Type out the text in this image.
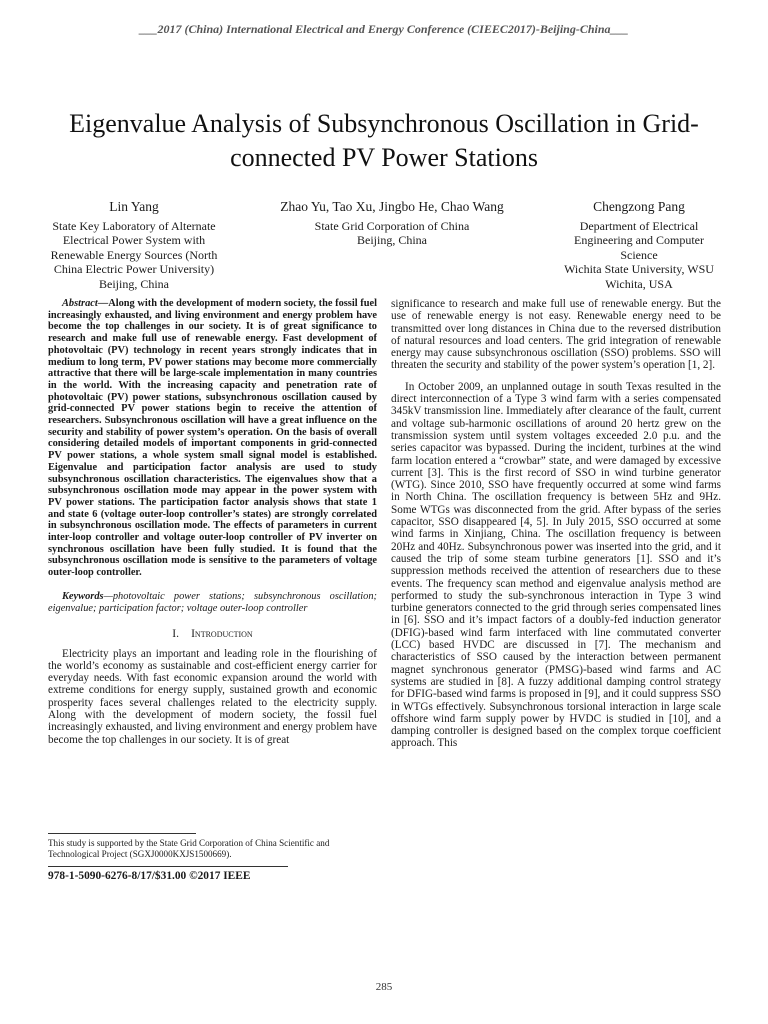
___2017 (China) International Electrical and Energy Conference (CIEEC2017)-Beijing-China___
Eigenvalue Analysis of Subsynchronous Oscillation in Grid-connected PV Power Stations
Lin Yang
State Key Laboratory of Alternate
Electrical Power System with
Renewable Energy Sources (North
China Electric Power University)
Beijing, China
Zhao Yu, Tao Xu, Jingbo He, Chao Wang
State Grid Corporation of China
Beijing, China
Chengzong Pang
Department of Electrical
Engineering and Computer
Science
Wichita State University, WSU
Wichita, USA

Abstract—Along with the development of modern society, the fossil fuel increasingly exhausted, and living environment and energy problem have become the top challenges in our society. It is of great significance to research and make full use of renewable energy. Fast development of photovoltaic (PV) technology in recent years strongly indicates that in medium to long term, PV power stations may become more commercially attractive that there will be large-scale implementation in many countries in the world. With the increasing capacity and penetration rate of photovoltaic (PV) power stations, subsynchronous oscillation caused by grid-connected PV power stations begin to receive the attention of researchers. Subsynchronous oscillation will have a great influence on the security and stability of power system’s operation. On the basis of overall considering detailed models of important components in grid-connected PV power stations, a whole system small signal model is established. Eigenvalue and participation factor analysis are used to study subsynchronous oscillation characteristics. The eigenvalues show that a subsynchronous oscillation mode may appear in the power system with PV power stations. The participation factor analysis shows that state 1 and state 6 (voltage outer-loop controller’s states) are strongly correlated in subsynchronous oscillation mode. The effects of parameters in current inter-loop controller and voltage outer-loop controller of PV inverter on synchronous oscillation have been fully studied. It is found that the subsynchronous oscillation mode is sensitive to the parameters of voltage outer-loop controller.

Keywords—photovoltaic power stations; subsynchronous oscillation; eigenvalue; participation factor; voltage outer-loop controller

I. Introduction

Electricity plays an important and leading role in the flourishing of the world’s economy as sustainable and cost-efficient energy carrier for everyday needs. With fast economic expansion around the world with extreme conditions for energy supply, sustained growth and economic prosperity faces several challenges related to the electricity supply. Along with the development of modern society, the fossil fuel increasingly exhausted, and living environment and energy problem have become the top challenges in our society. It is of great

significance to research and make full use of renewable energy. But the use of renewable energy is not easy. Renewable energy need to be transmitted over long distances in China due to the reversed distribution of natural resources and load centers. The grid integration of renewable energy may cause subsynchronous oscillation (SSO) problems. SSO will threaten the security and stability of the power system’s operation [1, 2].

In October 2009, an unplanned outage in south Texas resulted in the direct interconnection of a Type 3 wind farm with a series compensated 345kV transmission line. Immediately after clearance of the fault, current and voltage sub-harmonic oscillations of around 20 hertz grew on the transmission system until system voltages exceeded 2.0 p.u. and the series capacitor was bypassed. During the incident, turbines at the wind farm location entered a “crowbar” state, and were damaged by excessive current [3]. This is the first record of SSO in wind turbine generator (WTG). Since 2010, SSO have frequently occurred at some wind farms in North China. The oscillation frequency is between 5Hz and 9Hz. Some WTGs was disconnected from the grid. After bypass of the series capacitor, SSO disappeared [4, 5]. In July 2015, SSO occurred at some wind farms in Xinjiang, China. The oscillation frequency is between 20Hz and 40Hz. Subsynchronous power was inserted into the grid, and it caused the trip of some steam turbine generators [1]. SSO and it’s suppression methods received the attention of researchers due to these events. The frequency scan method and eigenvalue analysis method are performed to study the sub-synchronous interaction in Type 3 wind turbine generators connected to the grid through series compensated lines in [6]. SSO and it’s impact factors of a doubly-fed induction generator (DFIG)-based wind farm interfaced with line commutated converter (LCC) based HVDC are discussed in [7]. The mechanism and characteristics of SSO caused by the interaction between permanent magnet synchronous generator (PMSG)-based wind farms and AC systems are studied in [8]. A fuzzy additional damping control strategy for DFIG-based wind farms is proposed in [9], and it could suppress SSO in WTGs effectively. Subsynchronous torsional interaction in large scale offshore wind farm supply power by HVDC is studied in [10], and a damping controller is designed based on the complex torque coefficient approach. This

This study is supported by the State Grid Corporation of China Scientific and Technological Project (SGXJ0000KXJS1500669).
978-1-5090-6276-8/17/$31.00 ©2017 IEEE
285
